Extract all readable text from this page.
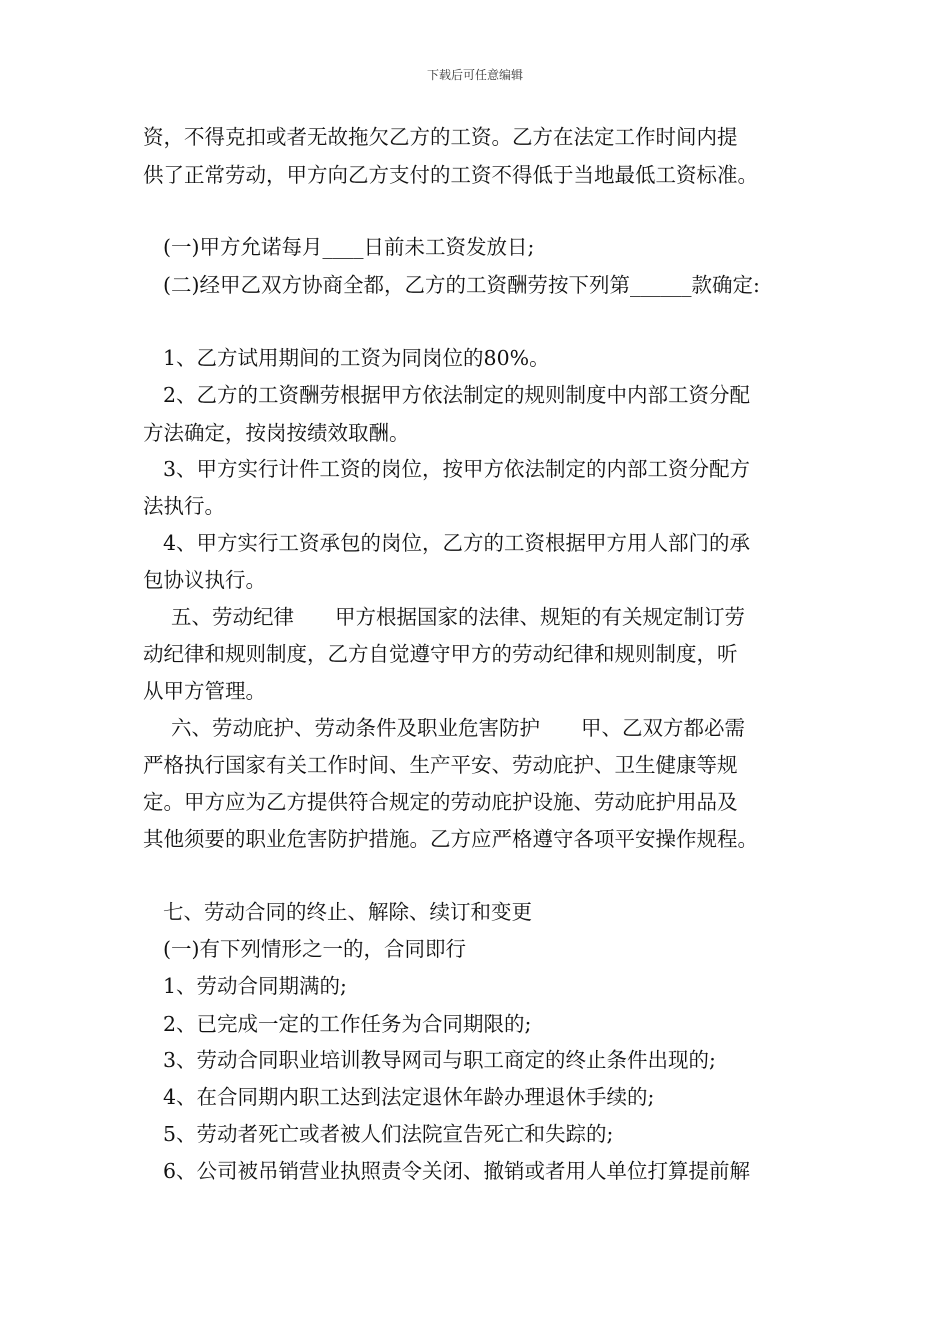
下载后可任意编辑
资，不得克扣或者无故拖欠乙方的工资。乙方在法定工作时间内提
供了正常劳动，甲方向乙方支付的工资不得低于当地最低工资标准。
(一)甲方允诺每月____日前未工资发放日;
(二)经甲乙双方协商全都，乙方的工资酬劳按下列第______款确定:
1、乙方试用期间的工资为同岗位的80%。
2、乙方的工资酬劳根据甲方依法制定的规则制度中内部工资分配
方法确定，按岗按绩效取酬。
3、甲方实行计件工资的岗位，按甲方依法制定的内部工资分配方
法执行。
4、甲方实行工资承包的岗位，乙方的工资根据甲方用人部门的承
包协议执行。
五、劳动纪律　　甲方根据国家的法律、规矩的有关规定制订劳
动纪律和规则制度，乙方自觉遵守甲方的劳动纪律和规则制度，听
从甲方管理。
六、劳动庇护、劳动条件及职业危害防护　　甲、乙双方都必需
严格执行国家有关工作时间、生产平安、劳动庇护、卫生健康等规
定。甲方应为乙方提供符合规定的劳动庇护设施、劳动庇护用品及
其他须要的职业危害防护措施。乙方应严格遵守各项平安操作规程。
七、劳动合同的终止、解除、续订和变更
(一)有下列情形之一的，合同即行
1、劳动合同期满的;
2、已完成一定的工作任务为合同期限的;
3、劳动合同职业培训教导网司与职工商定的终止条件出现的;
4、在合同期内职工达到法定退休年龄办理退休手续的;
5、劳动者死亡或者被人们法院宣告死亡和失踪的;
6、公司被吊销营业执照责令关闭、撤销或者用人单位打算提前解
